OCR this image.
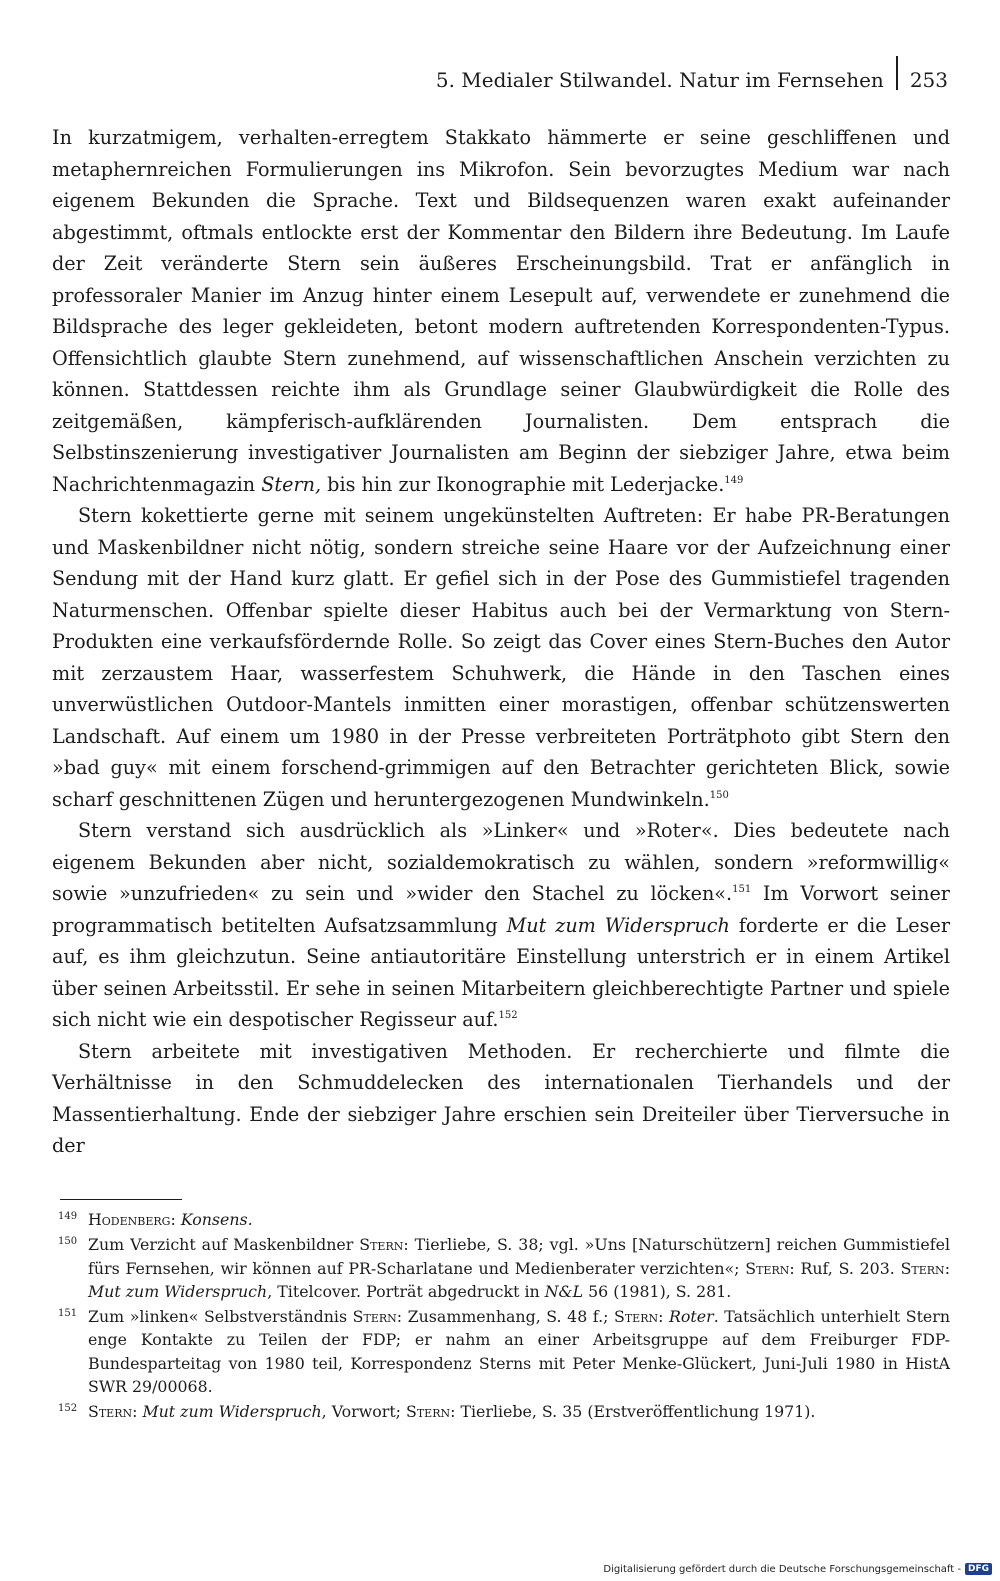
5. Medialer Stilwandel. Natur im Fernsehen 253

In kurzatmigem, verhalten-erregtem Stakkato hämmerte er seine geschliffenen und metaphernreichen Formulierungen ins Mikrofon. Sein bevorzugtes Medium war nach eigenem Bekunden die Sprache. Text und Bildsequenzen waren exakt aufeinander abgestimmt, oftmals entlockte erst der Kommentar den Bildern ihre Bedeutung. Im Laufe der Zeit veränderte Stern sein äußeres Erscheinungsbild. Trat er anfänglich in professoraler Manier im Anzug hinter einem Lesepult auf, verwendete er zunehmend die Bildsprache des leger gekleideten, betont modern auftretenden Korrespondenten-Typus. Offensichtlich glaubte Stern zunehmend, auf wissenschaftlichen Anschein verzichten zu können. Stattdessen reichte ihm als Grundlage seiner Glaubwürdigkeit die Rolle des zeitgemäßen, kämpferisch-aufklärenden Journalisten. Dem entsprach die Selbstinszenierung investigativer Journalisten am Beginn der siebziger Jahre, etwa beim Nachrichtenmagazin Stern, bis hin zur Ikonographie mit Lederjacke.$^{149}$

Stern kokettierte gerne mit seinem ungekünstelten Auftreten: Er habe PR-Beratungen und Maskenbildner nicht nötig, sondern streiche seine Haare vor der Aufzeichnung einer Sendung mit der Hand kurz glatt. Er gefiel sich in der Pose des Gummistiefel tragenden Naturmenschen. Offenbar spielte dieser Habitus auch bei der Vermarktung von Stern-Produkten eine verkaufsfördernde Rolle. So zeigt das Cover eines Stern-Buches den Autor mit zerzaustem Haar, wasserfestem Schuhwerk, die Hände in den Taschen eines unverwüstlichen Outdoor-Mantels inmitten einer morastigen, offenbar schützenswerten Landschaft. Auf einem um 1980 in der Presse verbreiteten Porträtphoto gibt Stern den »bad guy« mit einem forschend-grimmigen auf den Betrachter gerichteten Blick, sowie scharf geschnittenen Zügen und heruntergezogenen Mundwinkeln.$^{150}$

Stern verstand sich ausdrücklich als »Linker« und »Roter«. Dies bedeutete nach eigenem Bekunden aber nicht, sozialdemokratisch zu wählen, sondern »reformwillig« sowie »unzufrieden« zu sein und »wider den Stachel zu löcken«.$^{151}$ Im Vorwort seiner programmatisch betitelten Aufsatzsammlung Mut zum Widerspruch forderte er die Leser auf, es ihm gleichzutun. Seine antiautoritäre Einstellung unterstrich er in einem Artikel über seinen Arbeitsstil. Er sehe in seinen Mitarbeitern gleichberechtigte Partner und spiele sich nicht wie ein despotischer Regisseur auf.$^{152}$

Stern arbeitete mit investigativen Methoden. Er recherchierte und filmte die Verhältnisse in den Schmuddelecken des internationalen Tierhandels und der Massentierhaltung. Ende der siebziger Jahre erschien sein Dreiteiler über Tierversuche in der

149 Hodenberg: Konsens.
150 Zum Verzicht auf Maskenbildner Stern: Tierliebe, S. 38; vgl. »Uns [Naturschützern] reichen Gummistiefel fürs Fernsehen, wir können auf PR-Scharlatane und Medienberater verzichten«; Stern: Ruf, S. 203. Stern: Mut zum Widerspruch, Titelcover. Porträt abgedruckt in N&L 56 (1981), S. 281.
151 Zum »linken« Selbstverständnis Stern: Zusammenhang, S. 48 f.; Stern: Roter. Tatsächlich unterhielt Stern enge Kontakte zu Teilen der FDP; er nahm an einer Arbeitsgruppe auf dem Freiburger FDP-Bundesparteitag von 1980 teil, Korrespondenz Sterns mit Peter Menke-Glückert, Juni-Juli 1980 in HistA SWR 29/00068.
152 Stern: Mut zum Widerspruch, Vorwort; Stern: Tierliebe, S. 35 (Erstveröffentlichung 1971).
Digitalisierung gefördert durch die Deutsche Forschungsgemeinschaft - DFG
